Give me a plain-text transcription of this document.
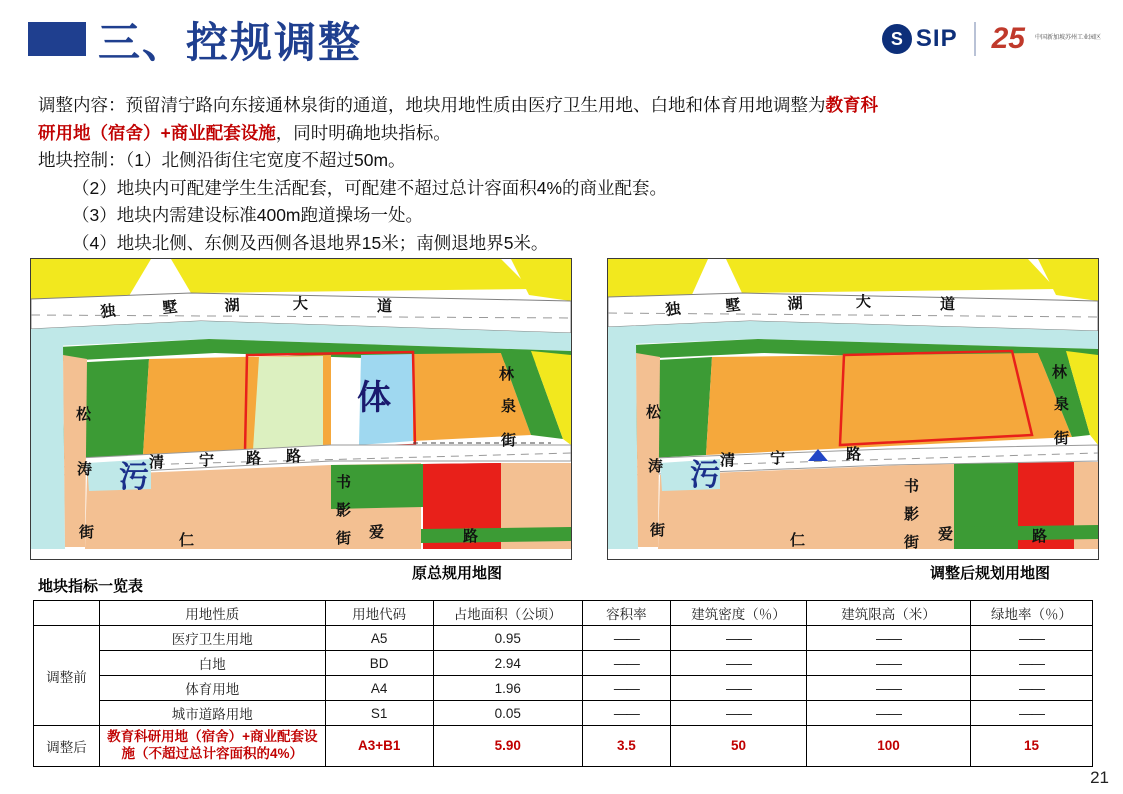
三、控规调整	S SIP 25 中国新加坡苏州工业园区

调整内容：预留清宁路向东接通林泉街的通道，地块用地性质由医疗卫生用地、白地和体育用地调整为教育科

研用地（宿舍）+商业配套设施，同时明确地块指标。

地块控制：（1）北侧沿街住宅宽度不超过50m。

（2）地块内可配建学生生活配套，可配建不超过总计容面积4%的商业配套。

（3）地块内需建设标准400m跑道操场一处。

（4）地块北侧、东侧及西侧各退地界15米；南侧退地界5米。

独	墅	湖	大	道
松
涛
街
清 宁 路 路
林
泉
街
仁
书
影
街 爱	路
体
污
独	墅	湖	大	道
松
涛
街
清 宁	路
林
泉
街
仁
书
影
街 爱	路
污
原总规用地图	调整后规划用地图
地块指标一览表
	用地性质	用地代码	占地面积（公顷）	容积率	建筑密度（％）	建筑限高（米）	绿地率（％）
调整前	医疗卫生用地	A5	0.95	——	——	——	——
	白地	BD	2.94	——	——	——	——
	体育用地	A4	1.96	——	——	——	——
	城市道路用地	S1	0.05	——	——	——	——
调整后	教育科研用地（宿舍）+商业配套设施（不超过总计容面积的4%）	A3+B1	5.90	3.5	50	100	15
21
